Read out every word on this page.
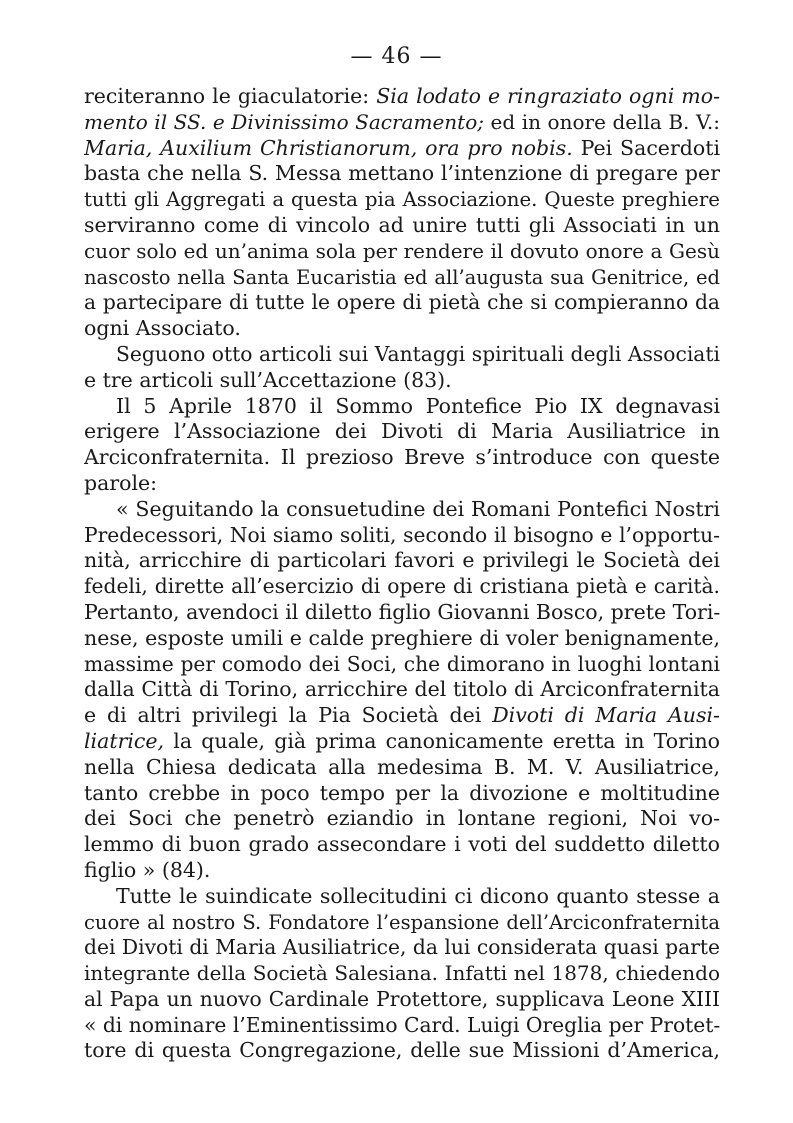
— 46 —
reciteranno le giaculatorie: Sia lodato e ringraziato ogni mo-
mento il SS. e Divinissimo Sacramento; ed in onore della B. V.:
Maria, Auxilium Christianorum, ora pro nobis. Pei Sacerdoti
basta che nella S. Messa mettano l’intenzione di pregare per
tutti gli Aggregati a questa pia Associazione. Queste preghiere
serviranno come di vincolo ad unire tutti gli Associati in un
cuor solo ed un’anima sola per rendere il dovuto onore a Gesù
nascosto nella Santa Eucaristia ed all’augusta sua Genitrice, ed
a partecipare di tutte le opere di pietà che si compieranno da
ogni Associato.
Seguono otto articoli sui Vantaggi spirituali degli Associati
e tre articoli sull’Accettazione (83).
Il 5 Aprile 1870 il Sommo Pontefice Pio IX degnavasi
erigere l’Associazione dei Divoti di Maria Ausiliatrice in
Arciconfraternita. Il prezioso Breve s’introduce con queste
parole:
« Seguitando la consuetudine dei Romani Pontefici Nostri
Predecessori, Noi siamo soliti, secondo il bisogno e l’opportu-
nità, arricchire di particolari favori e privilegi le Società dei
fedeli, dirette all’esercizio di opere di cristiana pietà e carità.
Pertanto, avendoci il diletto figlio Giovanni Bosco, prete Tori-
nese, esposte umili e calde preghiere di voler benignamente,
massime per comodo dei Soci, che dimorano in luoghi lontani
dalla Città di Torino, arricchire del titolo di Arciconfraternita
e di altri privilegi la Pia Società dei Divoti di Maria Ausi-
liatrice, la quale, già prima canonicamente eretta in Torino
nella Chiesa dedicata alla medesima B. M. V. Ausiliatrice,
tanto crebbe in poco tempo per la divozione e moltitudine
dei Soci che penetrò eziandio in lontane regioni, Noi vo-
lemmo di buon grado assecondare i voti del suddetto diletto
figlio » (84).
Tutte le suindicate sollecitudini ci dicono quanto stesse a
cuore al nostro S. Fondatore l’espansione dell’Arciconfraternita
dei Divoti di Maria Ausiliatrice, da lui considerata quasi parte
integrante della Società Salesiana. Infatti nel 1878, chiedendo
al Papa un nuovo Cardinale Protettore, supplicava Leone XIII
« di nominare l’Eminentissimo Card. Luigi Oreglia per Protet-
tore di questa Congregazione, delle sue Missioni d’America,
